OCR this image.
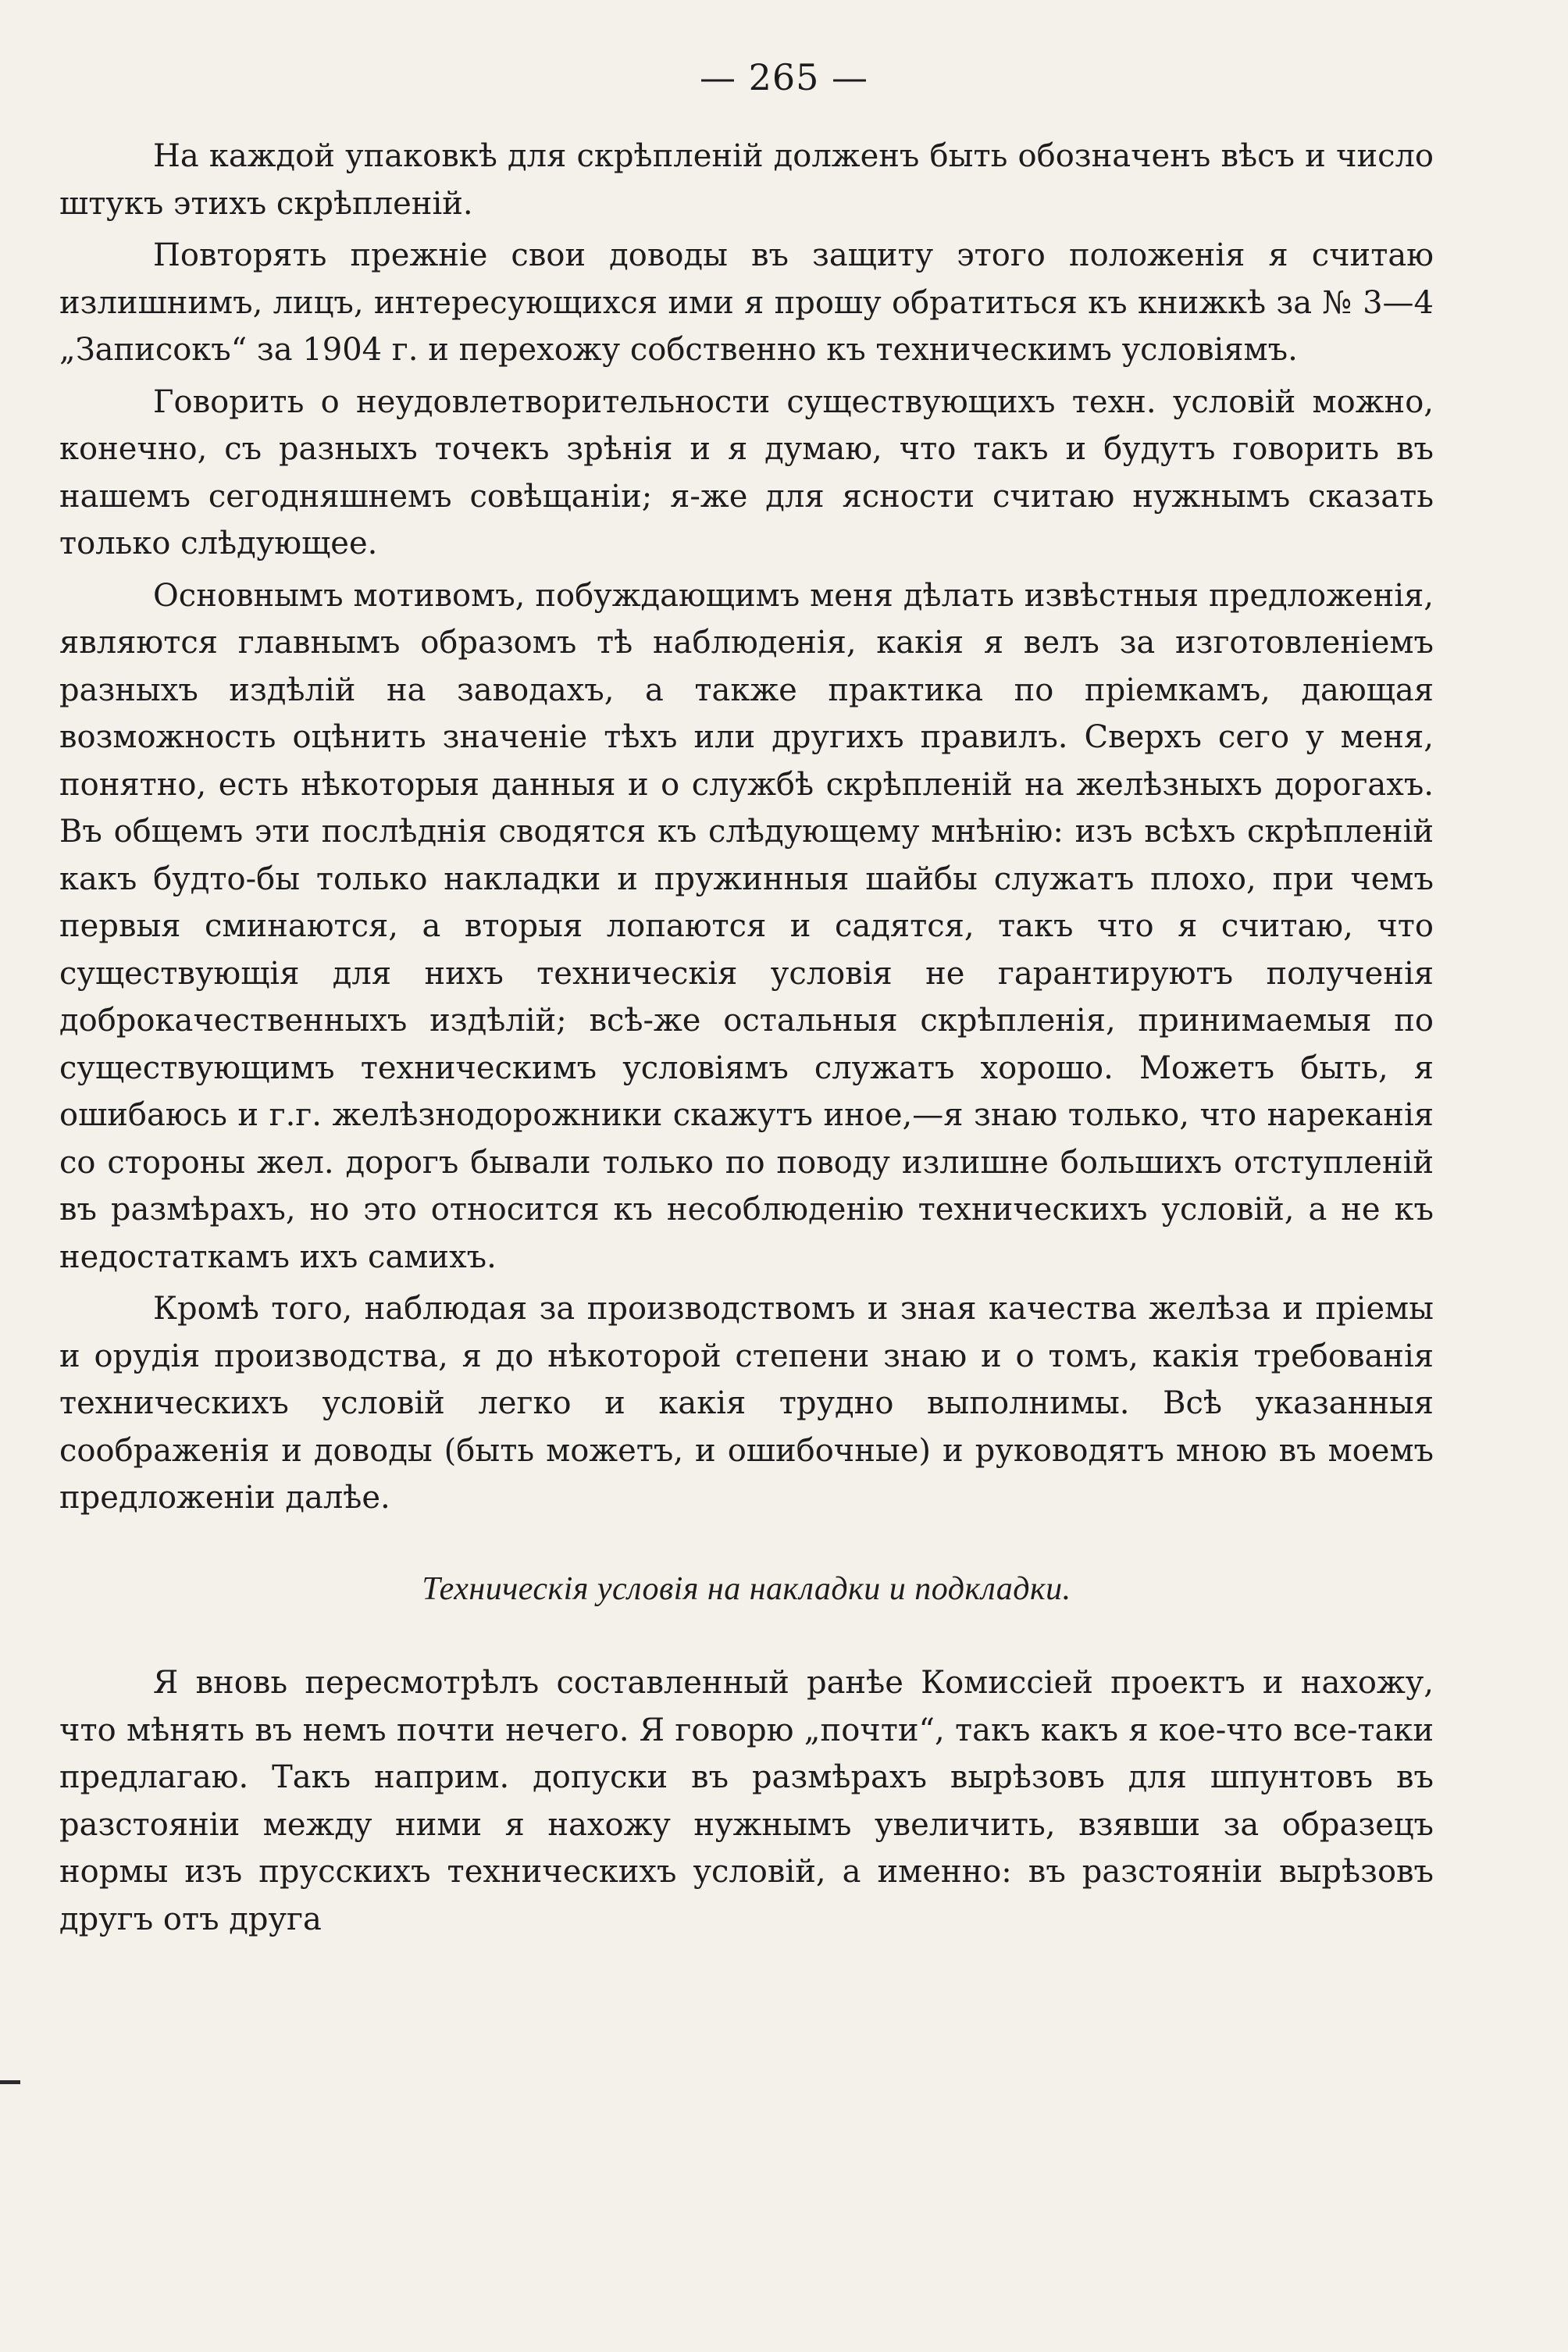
— 265 —

На каждой упаковкѣ для скрѣпленій долженъ быть обозначенъ вѣсъ и число штукъ этихъ скрѣпленій.

Повторять прежніе свои доводы въ защиту этого положенія я считаю излишнимъ, лицъ, интересующихся ими я прошу обратиться къ книжкѣ за № 3—4 „Записокъ“ за 1904 г. и перехожу собственно къ техническимъ условіямъ.

Говорить о неудовлетворительности существующихъ техн. условій можно, конечно, съ разныхъ точекъ зрѣнія и я думаю, что такъ и будутъ говорить въ нашемъ сегодняшнемъ совѣщаніи; я-же для ясности считаю нужнымъ сказать только слѣдующее.

Основнымъ мотивомъ, побуждающимъ меня дѣлать извѣстныя предложенія, являются главнымъ образомъ тѣ наблюденія, какія я велъ за изготовленіемъ разныхъ издѣлій на заводахъ, а также практика по пріемкамъ, дающая возможность оцѣнить значеніе тѣхъ или другихъ правилъ. Сверхъ сего у меня, понятно, есть нѣкоторыя данныя и о службѣ скрѣпленій на желѣзныхъ дорогахъ. Въ общемъ эти послѣднія сводятся къ слѣдующему мнѣнію: изъ всѣхъ скрѣпленій какъ будто-бы только накладки и пружинныя шайбы служатъ плохо, при чемъ первыя сминаются, а вторыя лопаются и садятся, такъ что я считаю, что существующія для нихъ техническія условія не гарантируютъ полученія доброкачественныхъ издѣлій; всѣ-же остальныя скрѣпленія, принимаемыя по существующимъ техническимъ условіямъ служатъ хорошо. Можетъ быть, я ошибаюсь и г.г. желѣзнодорожники скажутъ иное,—я знаю только, что нареканія со стороны жел. дорогъ бывали только по поводу излишне большихъ отступленій въ размѣрахъ, но это относится къ несоблюденію техническихъ условій, а не къ недостаткамъ ихъ самихъ.

Кромѣ того, наблюдая за производствомъ и зная качества желѣза и пріемы и орудія производства, я до нѣкоторой степени знаю и о томъ, какія требованія техническихъ условій легко и какія трудно выполнимы. Всѣ указанныя соображенія и доводы (быть можетъ, и ошибочные) и руководятъ мною въ моемъ предложеніи далѣе.

Техническія условія на накладки и подкладки.

Я вновь пересмотрѣлъ составленный ранѣе Комиссіей проектъ и нахожу, что мѣнять въ немъ почти нечего. Я говорю „почти“, такъ какъ я кое-что все-таки предлагаю. Такъ наприм. допуски въ размѣрахъ вырѣзовъ для шпунтовъ въ разстояніи между ними я нахожу нужнымъ увеличить, взявши за образецъ нормы изъ прусскихъ техническихъ условій, а именно: въ разстояніи вырѣзовъ другъ отъ друга
